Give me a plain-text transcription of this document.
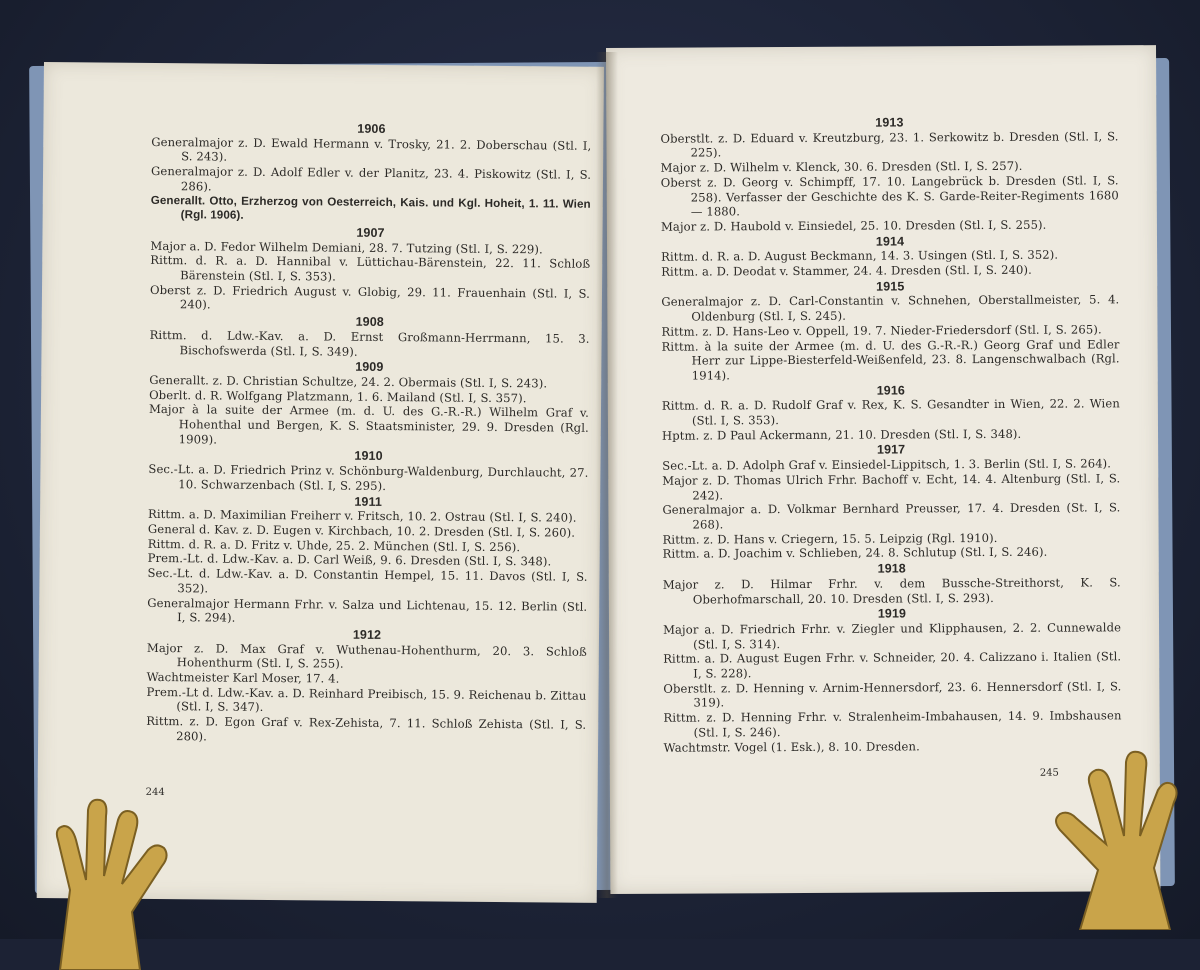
1906
Generalmajor z. D. Ewald Hermann v. Trosky, 21. 2. Doberschau (Stl. I, S. 243).
Generalmajor z. D. Adolf Edler v. der Planitz, 23. 4. Piskowitz (Stl. I, S. 286).
Generallt. Otto, Erzherzog von Oesterreich, Kais. und Kgl. Hoheit, 1. 11. Wien (Rgl. 1906).
1907
Major a. D. Fedor Wilhelm Demiani, 28. 7. Tutzing (Stl. I, S. 229).
Rittm. d. R. a. D. Hannibal v. Lüttichau-Bärenstein, 22. 11. Schloß Bärenstein (Stl. I, S. 353).
Oberst z. D. Friedrich August v. Globig, 29. 11. Frauenhain (Stl. I, S. 240).
1908
Rittm. d. Ldw.-Kav. a. D. Ernst Großmann-Herrmann, 15. 3. Bischofswerda (Stl. I, S. 349).
1909
Generallt. z. D. Christian Schultze, 24. 2. Obermais (Stl. I, S. 243).
Oberlt. d. R. Wolfgang Platzmann, 1. 6. Mailand (Stl. I, S. 357).
Major à la suite der Armee (m. d. U. des G.-R.-R.) Wilhelm Graf v. Hohenthal und Bergen, K. S. Staatsminister, 29. 9. Dresden (Rgl. 1909).
1910
Sec.-Lt. a. D. Friedrich Prinz v. Schönburg-Waldenburg, Durchlaucht, 27. 10. Schwarzenbach (Stl. I, S. 295).
1911
Rittm. a. D. Maximilian Freiherr v. Fritsch, 10. 2. Ostrau (Stl. I, S. 240).
General d. Kav. z. D. Eugen v. Kirchbach, 10. 2. Dresden (Stl. I, S. 260).
Rittm. d. R. a. D. Fritz v. Uhde, 25. 2. München (Stl. I, S. 256).
Prem.-Lt. d. Ldw.-Kav. a. D. Carl Weiß, 9. 6. Dresden (Stl. I, S. 348).
Sec.-Lt. d. Ldw.-Kav. a. D. Constantin Hempel, 15. 11. Davos (Stl. I, S. 352).
Generalmajor Hermann Frhr. v. Salza und Lichtenau, 15. 12. Berlin (Stl. I, S. 294).
1912
Major z. D. Max Graf v. Wuthenau-Hohenthurm, 20. 3. Schloß Hohenthurm (Stl. I, S. 255).
Wachtmeister Karl Moser, 17. 4.
Prem.-Lt d. Ldw.-Kav. a. D. Reinhard Preibisch, 15. 9. Reichenau b. Zittau (Stl. I, S. 347).
Rittm. z. D. Egon Graf v. Rex-Zehista, 7. 11. Schloß Zehista (Stl. I, S. 280).
244
1913
Oberstlt. z. D. Eduard v. Kreutzburg, 23. 1. Serkowitz b. Dresden (Stl. I, S. 225).
Major z. D. Wilhelm v. Klenck, 30. 6. Dresden (Stl. I, S. 257).
Oberst z. D. Georg v. Schimpff, 17. 10. Langebrück b. Dresden (Stl. I, S. 258). Verfasser der Geschichte des K. S. Garde-Reiter-Regiments 1680 — 1880.
Major z. D. Haubold v. Einsiedel, 25. 10. Dresden (Stl. I, S. 255).
1914
Rittm. d. R. a. D. August Beckmann, 14. 3. Usingen (Stl. I, S. 352).
Rittm. a. D. Deodat v. Stammer, 24. 4. Dresden (Stl. I, S. 240).
1915
Generalmajor z. D. Carl-Constantin v. Schnehen, Oberstallmeister, 5. 4. Oldenburg (Stl. I, S. 245).
Rittm. z. D. Hans-Leo v. Oppell, 19. 7. Nieder-Friedersdorf (Stl. I, S. 265).
Rittm. à la suite der Armee (m. d. U. des G.-R.-R.) Georg Graf und Edler Herr zur Lippe-Biesterfeld-Weißenfeld, 23. 8. Langenschwalbach (Rgl. 1914).
1916
Rittm. d. R. a. D. Rudolf Graf v. Rex, K. S. Gesandter in Wien, 22. 2. Wien (Stl. I, S. 353).
Hptm. z. D Paul Ackermann, 21. 10. Dresden (Stl. I, S. 348).
1917
Sec.-Lt. a. D. Adolph Graf v. Einsiedel-Lippitsch, 1. 3. Berlin (Stl. I, S. 264).
Major z. D. Thomas Ulrich Frhr. Bachoff v. Echt, 14. 4. Altenburg (Stl. I, S. 242).
Generalmajor a. D. Volkmar Bernhard Preusser, 17. 4. Dresden (St. I, S. 268).
Rittm. z. D. Hans v. Criegern, 15. 5. Leipzig (Rgl. 1910).
Rittm. a. D. Joachim v. Schlieben, 24. 8. Schlutup (Stl. I, S. 246).
1918
Major z. D. Hilmar Frhr. v. dem Bussche-Streithorst, K. S. Oberhofmarschall, 20. 10. Dresden (Stl. I, S. 293).
1919
Major a. D. Friedrich Frhr. v. Ziegler und Klipphausen, 2. 2. Cunnewalde (Stl. I, S. 314).
Rittm. a. D. August Eugen Frhr. v. Schneider, 20. 4. Calizzano i. Italien (Stl. I, S. 228).
Oberstlt. z. D. Henning v. Arnim-Hennersdorf, 23. 6. Hennersdorf (Stl. I, S. 319).
Rittm. z. D. Henning Frhr. v. Stralenheim-Imbahausen, 14. 9. Imbshausen (Stl. I, S. 246).
Wachtmstr. Vogel (1. Esk.), 8. 10. Dresden.
245
